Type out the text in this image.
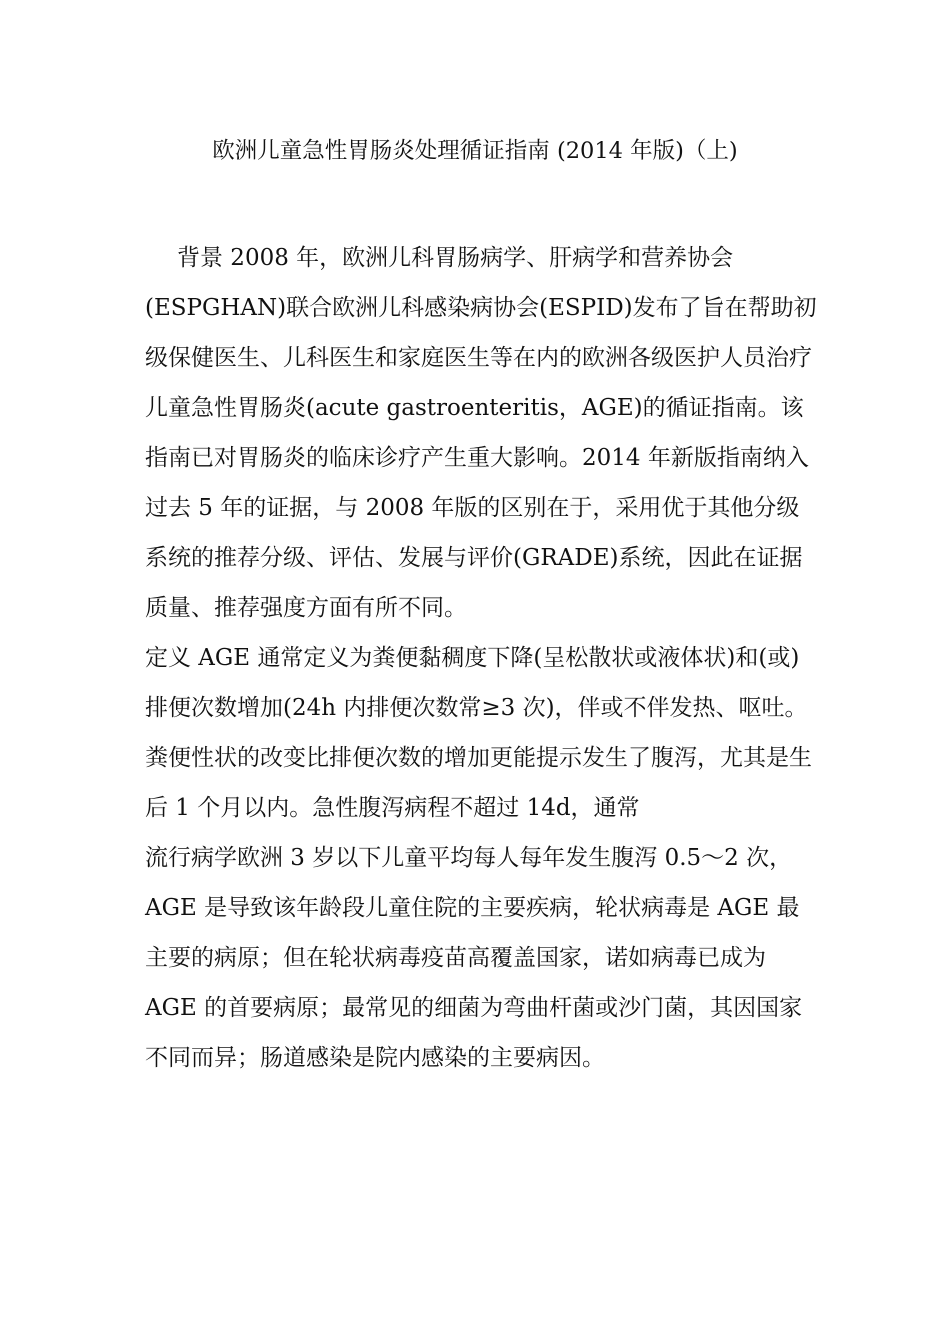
欧洲儿童急性胃肠炎处理循证指南 (2014 年版)（上)

背景 2008 年，欧洲儿科胃肠病学、肝病学和营养协会(ESPGHAN)联合欧洲儿科感染病协会(ESPID)发布了旨在帮助初级保健医生、儿科医生和家庭医生等在内的欧洲各级医护人员治疗儿童急性胃肠炎(acute gastroenteritis，AGE)的循证指南。该指南已对胃肠炎的临床诊疗产生重大影响。2014 年新版指南纳入过去 5 年的证据，与 2008 年版的区别在于，采用优于其他分级系统的推荐分级、评估、发展与评价(GRADE)系统，因此在证据质量、推荐强度方面有所不同。

定义 AGE 通常定义为粪便黏稠度下降(呈松散状或液体状)和(或)排便次数增加(24h 内排便次数常≥3 次)，伴或不伴发热、呕吐。粪便性状的改变比排便次数的增加更能提示发生了腹泻，尤其是生后 1 个月以内。急性腹泻病程不超过 14d，通常

流行病学欧洲 3 岁以下儿童平均每人每年发生腹泻 0.5～2 次，AGE 是导致该年龄段儿童住院的主要疾病，轮状病毒是 AGE 最主要的病原；但在轮状病毒疫苗高覆盖国家，诺如病毒已成为 AGE 的首要病原；最常见的细菌为弯曲杆菌或沙门菌，其因国家不同而异；肠道感染是院内感染的主要病因。
